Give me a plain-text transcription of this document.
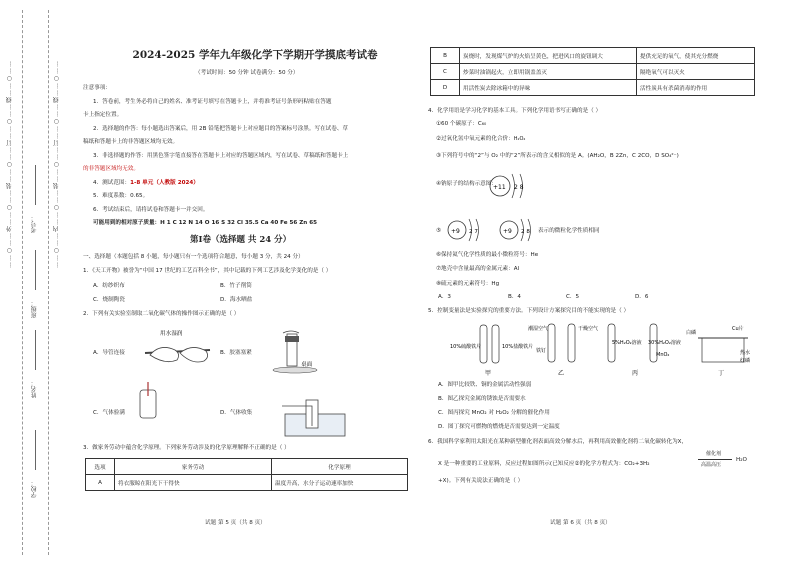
……○……外……○……装……○……订……○……线……○……	……○……内……○……装……○……订……○……线……○……
学校：
姓名：
班级：
考号：
2024-2025 学年九年级化学下学期开学摸底考试卷
（考试时间：50 分钟 试卷满分：50 分）
注意事项：
1．答卷前，考生务必将自己的姓名、准考证号填写在答题卡上，并将准考证号条形码粘贴在答题
卡上指定位置。
2．选择题的作答：每小题选出答案后，用 2B 铅笔把答题卡上对应题目的答案标号涂黑。写在试卷、草
稿纸和答题卡上的非答题区域均无效。
3．非选择题的作答：用黑色签字笔直接答在答题卡上对应的答题区域内，写在试卷、草稿纸和答题卡上
的非答题区域均无效。
4．测试范围：1-8 单元（人教版 2024）
5．难度系数：0.65。
6．考试结束后，请将试卷和答题卡一并交回。
可能用到的相对原子质量：H 1 C 12 N 14 O 16 S 32 Cl 35.5 Ca 40 Fe 56 Zn 65
第Ⅰ卷（选择题 共 24 分）
一、选择题（本题包括 8 小题，每小题只有一个选项符合题意，每小题 3 分，共 24 分）
1．《天工开物》被誉为“中国 17 世纪的工艺百科全书”，其中记载的下列工艺涉及化学变化的是（ ）
A．纺纱织布	B．竹子削筒
C．烧制陶瓷	D．海水晒盐
2．下列有关实验室制取二氧化碳气体的操作图示正确的是（ ）
用水湿润
A．导管连接
桌面
B．胶塞塞紧
C．气体验满	D．气体收集
3．做家务劳动中蕴含化学原理。下列家务劳动涉及的化学原理解释不正确的是（ ）
选项	家务劳动	化学原理
A	将衣服晾在阳光下干得快	温度升高，水分子运动速率加快
试题 第 5 页（共 8 页）
B	炭烧时，发现煤气炉的火焰呈黄色，把进风口的旋钮调大	提供充足的氧气，使其充分燃烧
C	炒菜时油锅起火，立即用锅盖盖灭	隔绝氧气可以灭火
D	用活性炭去除冰箱中的异味	活性炭具有杀菌消毒的作用
4．化学用语是学习化学的基本工具。下列化学用语书写正确的是（ ）
①60 个碳原子：C₆₀
②过氧化氢中氧元素的化合价：H₂O₂
③下列符号中的“2”与 O₂ 中的“2”所表示的含义相似的是 A。(AH₂O，B 2Zn，C 2CO，D SO₄²⁻)
④钠原子的结构示意图：
+11 2 8
⑤ +9 2 7	+9 2 8 表示的微粒化学性质相同
⑥保持氦气化学性质的最小微粒符号：He
⑦地壳中含量最高的金属元素：Al
⑧硫元素的元素符号：Hg
A．3	B．4	C．5	D．6
5．控制变量法是实验探究的重要方法。下列设计方案探究目的不能实现的是（ ）
10%硫酸铁片	10%盐酸铁片
甲
潮湿空气	干燥空气
铁钉
乙
5%H₂O₂溶液 30%H₂O₂溶液
MnO₂
丙
白磷
Cu片
热水
红磷
丁
A．图甲比较铁、铜的金属活动性强弱
B．图乙探究金属的锈蚀是否需要水
C．图丙探究 MnO₂ 对 H₂O₂ 分解的催化作用
D．图丁探究可燃物的燃烧是否需要达到一定温度
6．我国科学家利用太阳光在某种新型催化剂表面高效分解水后，再利用高效催化剂将二氧化碳转化为X，
X 是一种重要的工业原料，反应过程如图所示(已知反应②的化学方程式为：CO₂+3H₂
催化剂
高温高压
H₂O
+X)。下列有关说法正确的是（ ）
试题 第 6 页（共 8 页）
